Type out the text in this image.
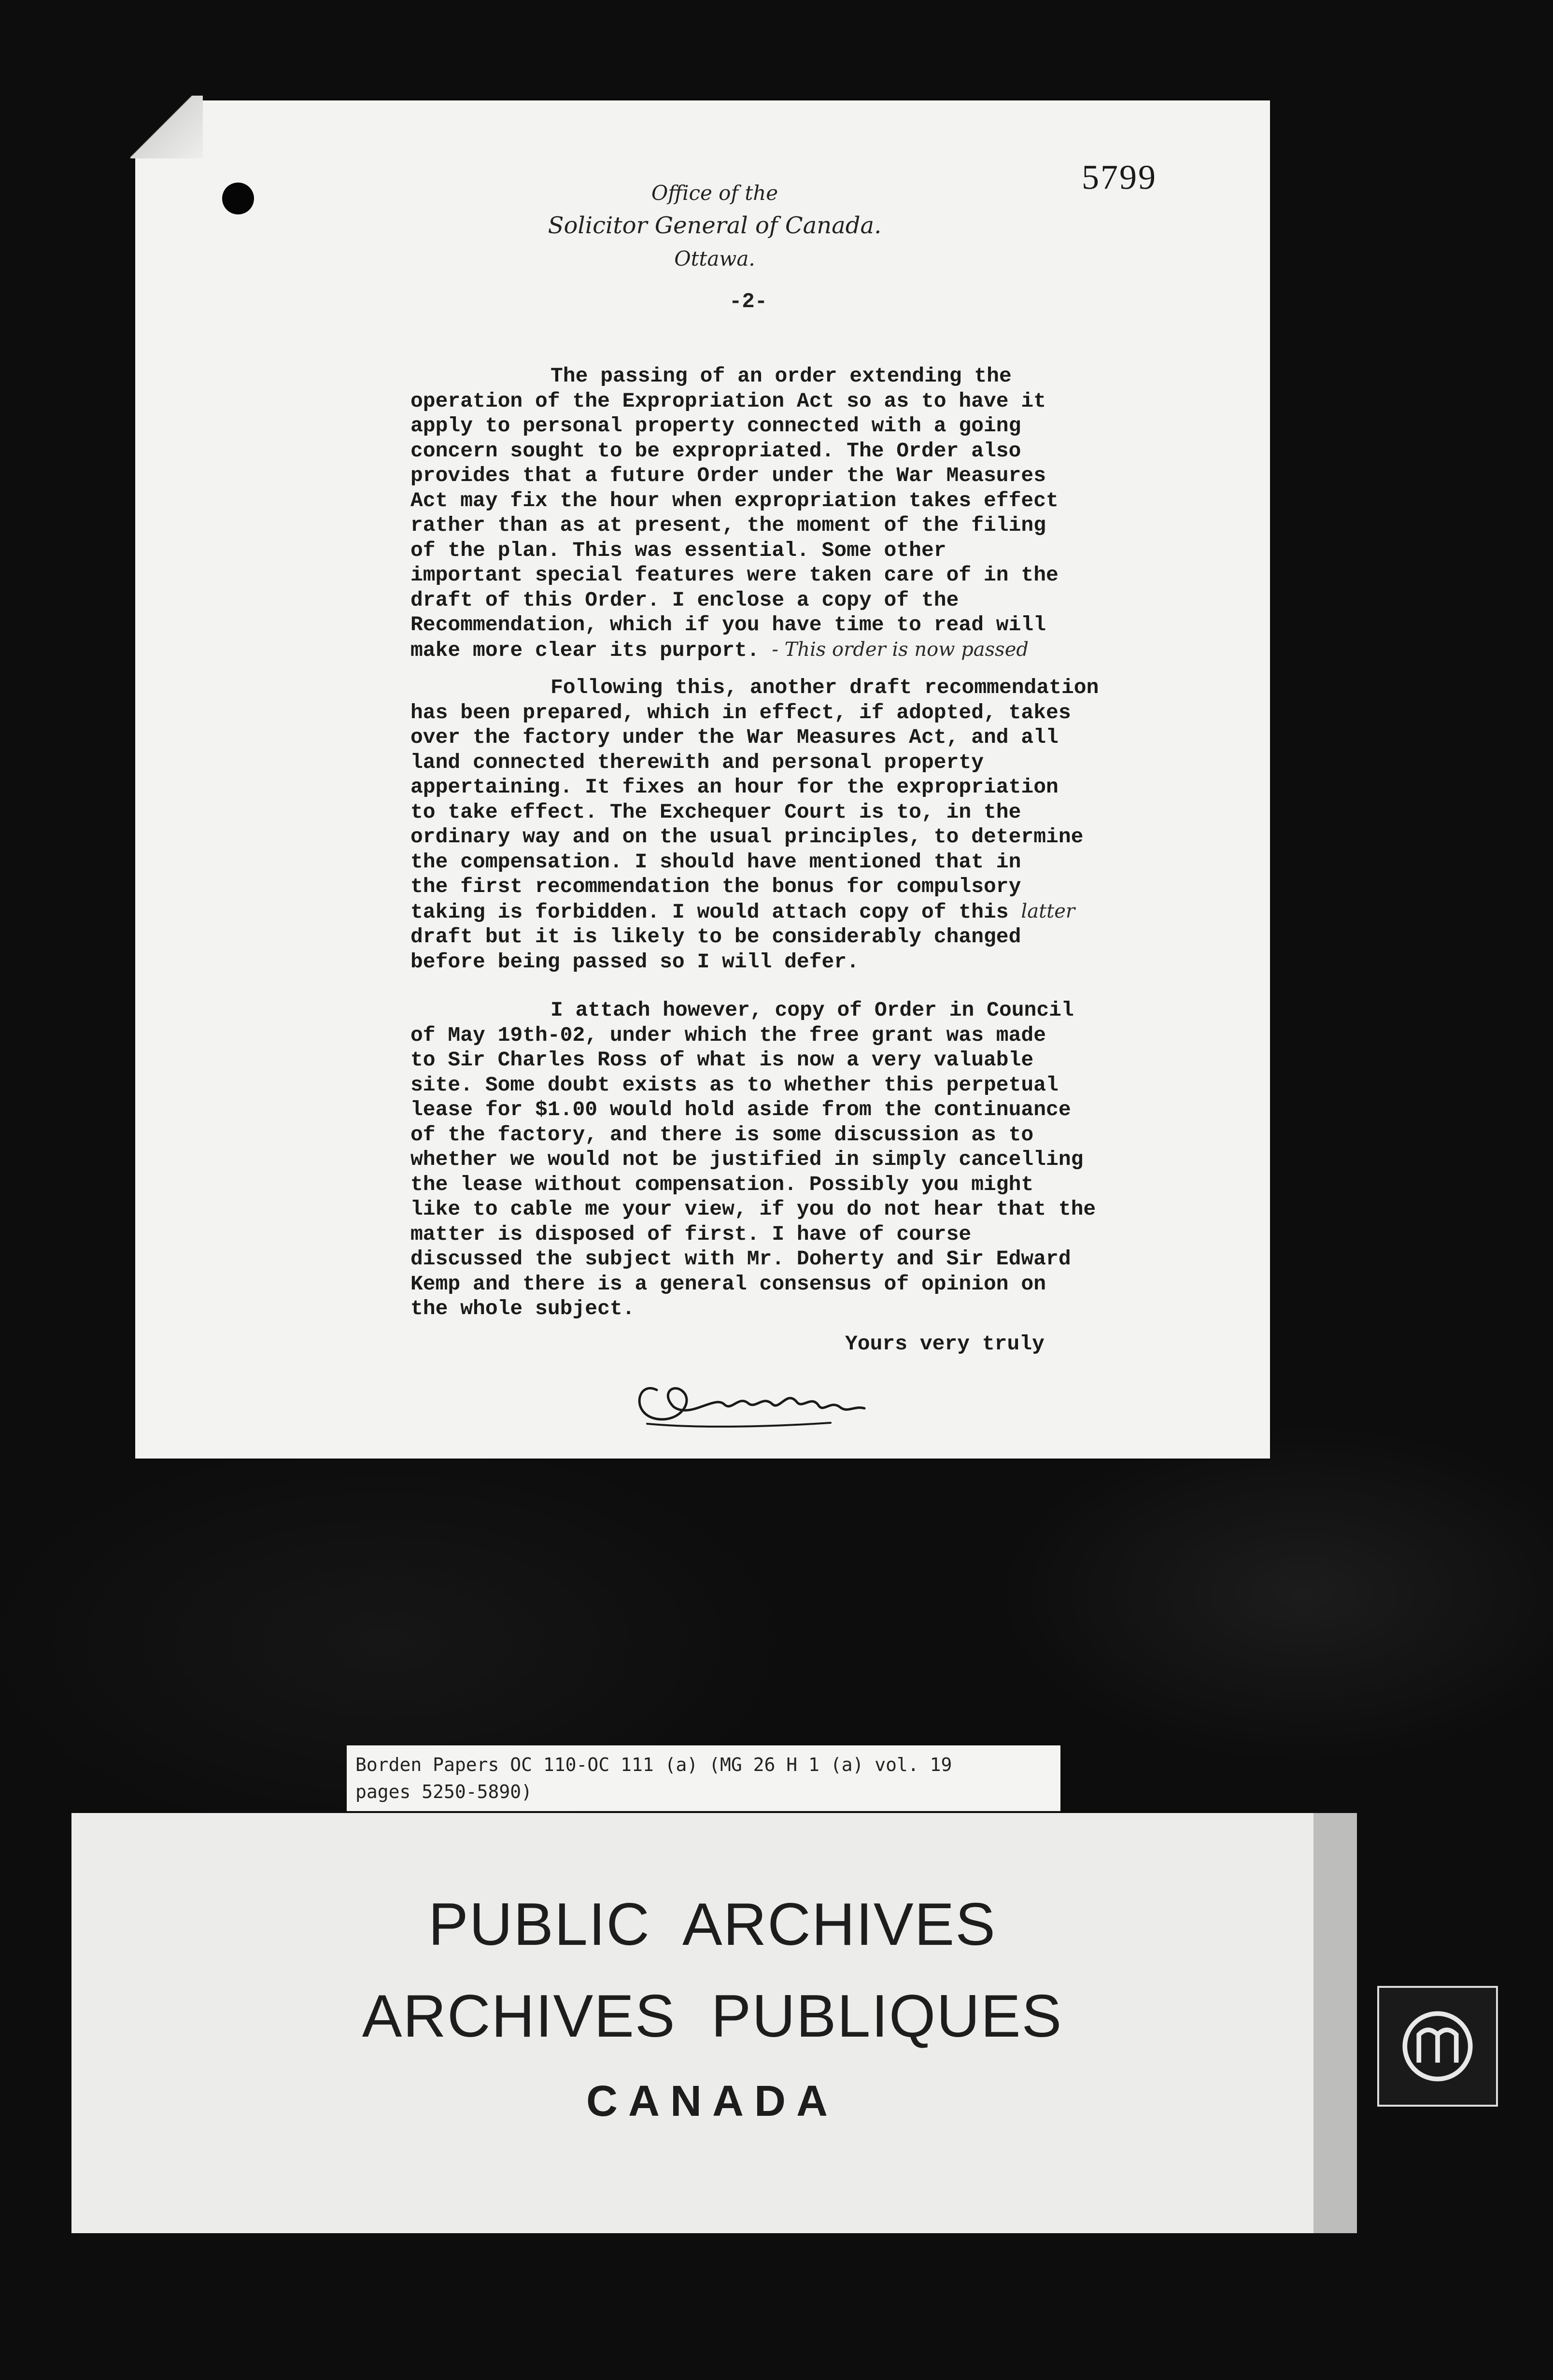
5799
Office of the
Solicitor General of Canada.
Ottawa.
-2-

The passing of an order extending the
operation of the Expropriation Act so as to have it
apply to personal property connected with a going
concern sought to be expropriated. The Order also
provides that a future Order under the War Measures
Act may fix the hour when expropriation takes effect
rather than as at present, the moment of the filing
of the plan. This was essential. Some other
important special features were taken care of in the
draft of this Order. I enclose a copy of the
Recommendation, which if you have time to read will
make more clear its purport. - This order is now passed

Following this, another draft recommendation
has been prepared, which in effect, if adopted, takes
over the factory under the War Measures Act, and all
land connected therewith and personal property
appertaining. It fixes an hour for the expropriation
to take effect. The Exchequer Court is to, in the
ordinary way and on the usual principles, to determine
the compensation. I should have mentioned that in
the first recommendation the bonus for compulsory
taking is forbidden. I would attach copy of this latter
draft but it is likely to be considerably changed
before being passed so I will defer.

I attach however, copy of Order in Council
of May 19th-02, under which the free grant was made
to Sir Charles Ross of what is now a very valuable
site. Some doubt exists as to whether this perpetual
lease for $1.00 would hold aside from the continuance
of the factory, and there is some discussion as to
whether we would not be justified in simply cancelling
the lease without compensation. Possibly you might
like to cable me your view, if you do not hear that the
matter is disposed of first. I have of course
discussed the subject with Mr. Doherty and Sir Edward
Kemp and there is a general consensus of opinion on
the whole subject.

Yours very truly
Borden Papers OC 110-OC 111 (a) (MG 26 H 1 (a) vol. 19
pages 5250-5890)
PUBLIC  ARCHIVES
ARCHIVES  PUBLIQUES
CANADA
